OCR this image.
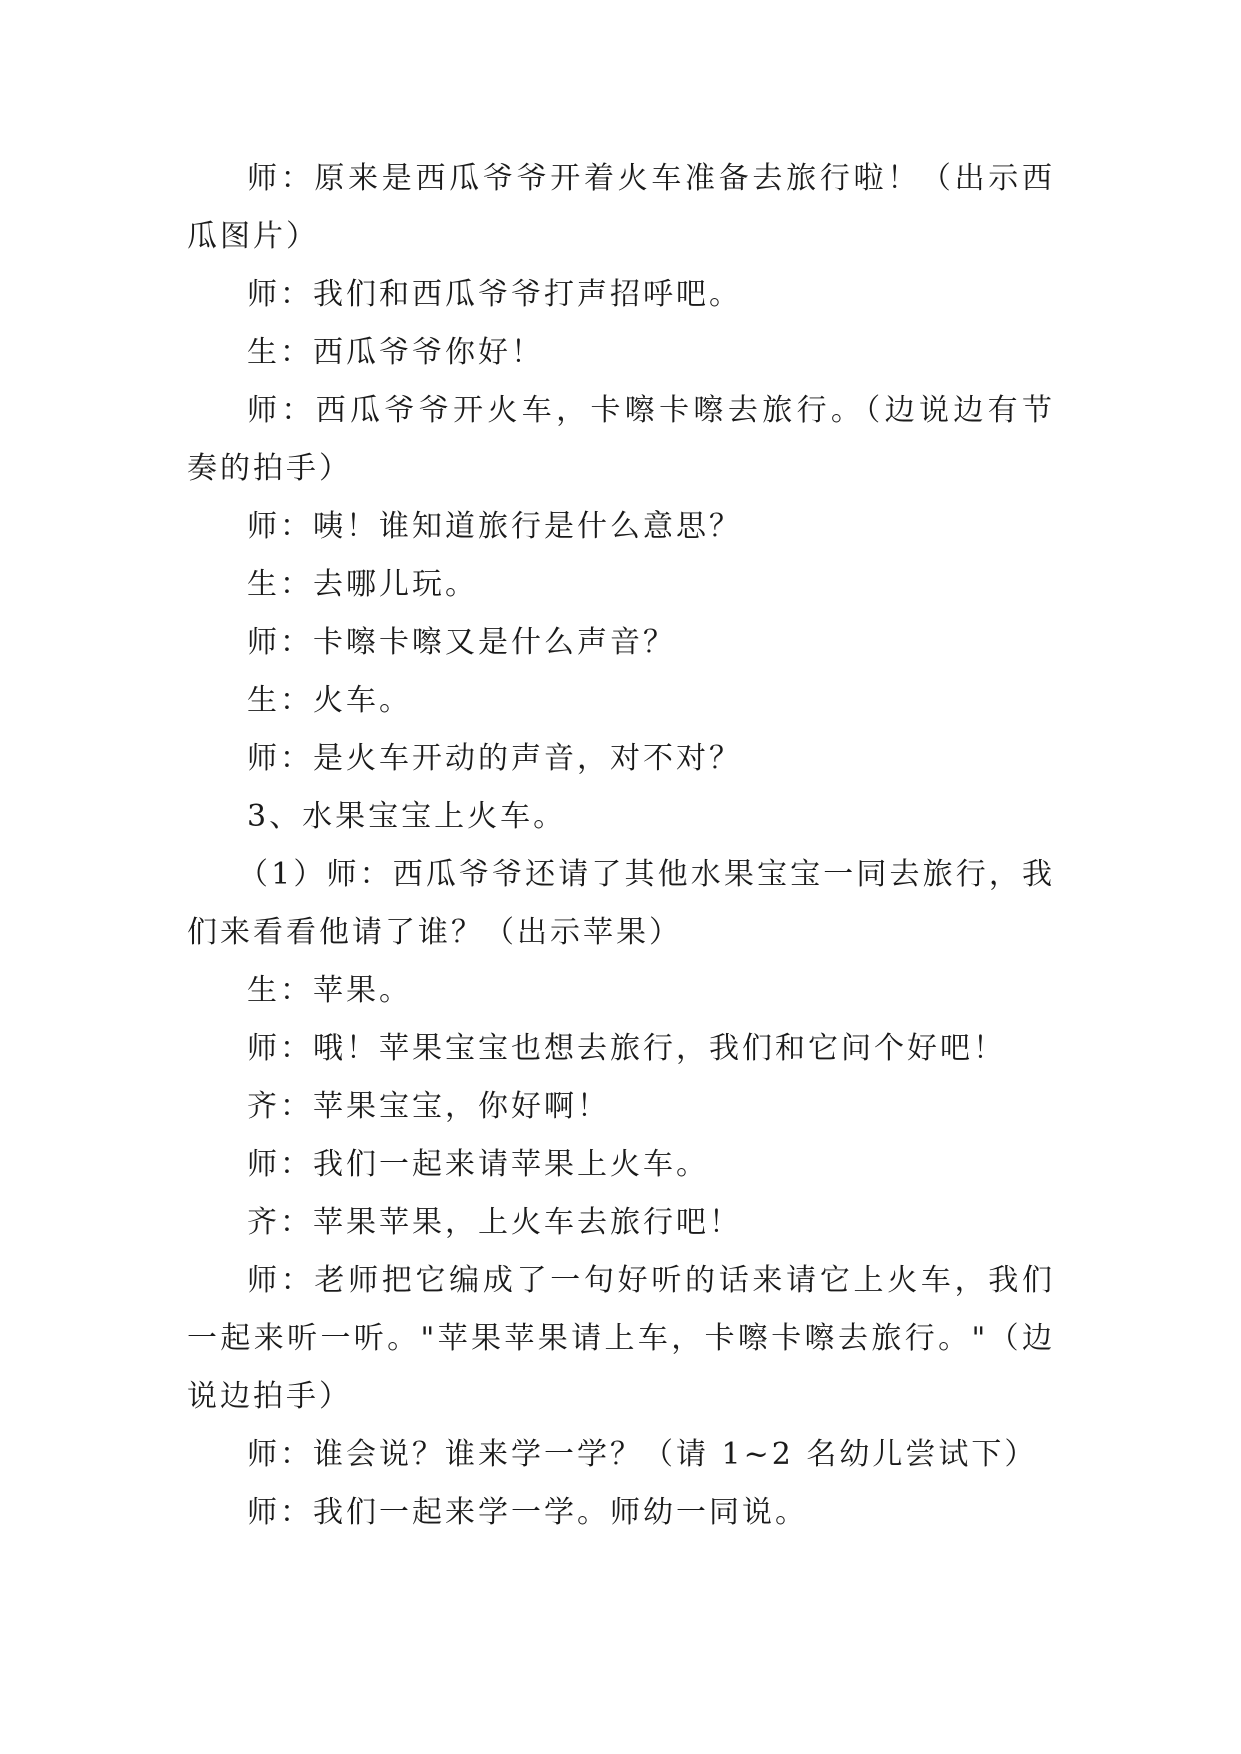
师：原来是西瓜爷爷开着火车准备去旅行啦！（出示西瓜图片）

师：我们和西瓜爷爷打声招呼吧。

生：西瓜爷爷你好！

师：西瓜爷爷开火车，卡嚓卡嚓去旅行。（边说边有节奏的拍手）

师：咦！谁知道旅行是什么意思？

生：去哪儿玩。

师：卡嚓卡嚓又是什么声音？

生：火车。

师：是火车开动的声音，对不对？

3、水果宝宝上火车。

（1）师：西瓜爷爷还请了其他水果宝宝一同去旅行，我们来看看他请了谁？（出示苹果）

生：苹果。

师：哦！苹果宝宝也想去旅行，我们和它问个好吧！

齐：苹果宝宝，你好啊！

师：我们一起来请苹果上火车。

齐：苹果苹果，上火车去旅行吧！

师：老师把它编成了一句好听的话来请它上火车，我们一起来听一听。"苹果苹果请上车，卡嚓卡嚓去旅行。"（边说边拍手）

师：谁会说？谁来学一学？（请 1~2 名幼儿尝试下）

师：我们一起来学一学。师幼一同说。
